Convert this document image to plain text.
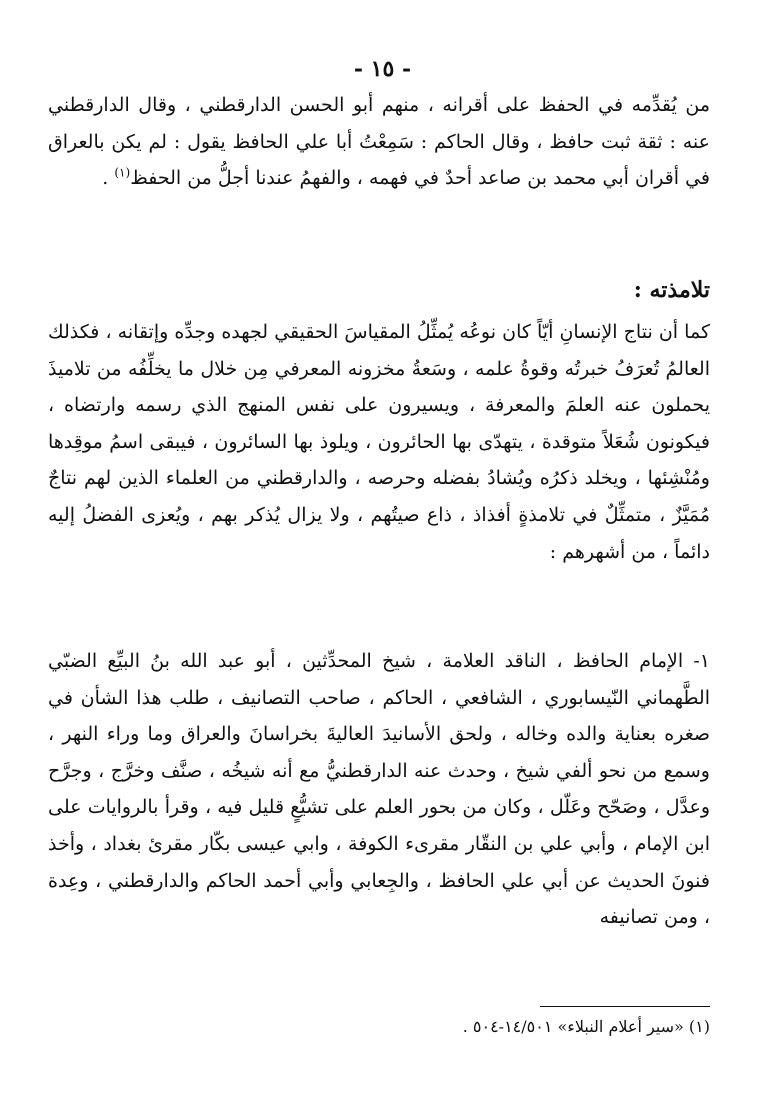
- ١٥ -

من يُقدِّمه في الحفظ على أقرانه ، منهم أبو الحسن الدارقطني ، وقال الدارقطني عنه : ثقة ثبت حافظ ، وقال الحاكم : سَمِعْتُ أبا علي الحافظ يقول : لم يكن بالعراق في أقران أبي محمد بن صاعد أحدٌ في فهمه ، والفهمُ عندنا أجلُّ من الحفظ$^{(١)}$ .

تلامذته :

كما أن نتاج الإنسانِ أيّاً كان نوعُه يُمثِّلُ المقياسَ الحقيقي لجهده وجدِّه وإتقانه ، فكذلك العالمُ تُعرَفُ خبرتُه وقوةُ علمه ، وسَعةُ مخزونه المعرفي مِن خلال ما يخلِّفُه من تلاميذَ يحملون عنه العلمَ والمعرفة ، ويسيرون على نفس المنهج الذي رسمه وارتضاه ، فيكونون شُعَلاً متوقدة ، يتهدّى بها الحائرون ، ويلوذ بها السائرون ، فيبقى اسمُ موقِدها ومُنْشِئها ، ويخلد ذكرُه ويُشادُ بفضله وحرصه ، والدارقطني من العلماء الذين لهم نتاجٌ مُمَيَّزٌ ، متمثِّلٌ في تلامذةٍ أفذاذ ، ذاع صيتُهم ، ولا يزال يُذكر بهم ، ويُعزى الفضلُ إليه دائماً ، من أشهرهم :

١- الإمام الحافظ ، الناقد العلامة ، شيخ المحدِّثين ، أبو عبد الله بنُ البيِّع الضبّي الطَّهماني النّيسابوري ، الشافعي ، الحاكم ، صاحب التصانيف ، طلب هذا الشأن في صغره بعناية والده وخاله ، ولحق الأسانيدَ العاليةَ بخراسانَ والعراق وما وراء النهر ، وسمع من نحو ألفي شيخ ، وحدث عنه الدارقطنيُّ مع أنه شيخُه ، صنَّف وخرَّج ، وجرَّح وعدَّل ، وصَحّح وعَلّل ، وكان من بحور العلم على تشيُّعٍ قليل فيه ، وقرأ بالروايات على ابن الإمام ، وأبي علي بن النقّار مقرىء الكوفة ، وابي عيسى بكّار مقرئ بغداد ، وأخذ فنونَ الحديث عن أبي علي الحافظ ، والجِعابي وأبي أحمد الحاكم والدارقطني ، وعِدة ، ومن تصانيفه

(١) «سير أعلام النبلاء» ١٤/٥٠١-٥٠٤ .
